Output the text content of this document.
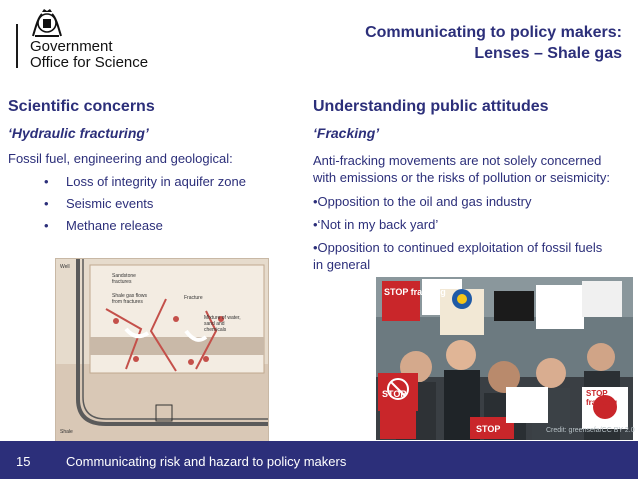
Government
Office for Science
Communicating to policy makers:
Lenses – Shale gas
Scientific concerns
‘Hydraulic fracturing’
Fossil fuel, engineering and geological:
• Loss of integrity in aquifer zone
• Seismic events
• Methane release
Understanding public attitudes
‘Fracking’
Anti-fracking movements are not solely concerned
with emissions or the risks of pollution or seismicity:
•Opposition to the oil and gas industry
•‘Not in my back yard’
•Opposition to continued exploitation of fossil fuels
in general
Well
Sandstone fractures
Shale gas flows from fractures
Fracture
Mixture of water, sand and chemicals
Shale
STOP fracking
STOP
STOP
STOP fracking
Credit: greensefa/CC BY 2.0
15	Communicating risk and hazard to policy makers
